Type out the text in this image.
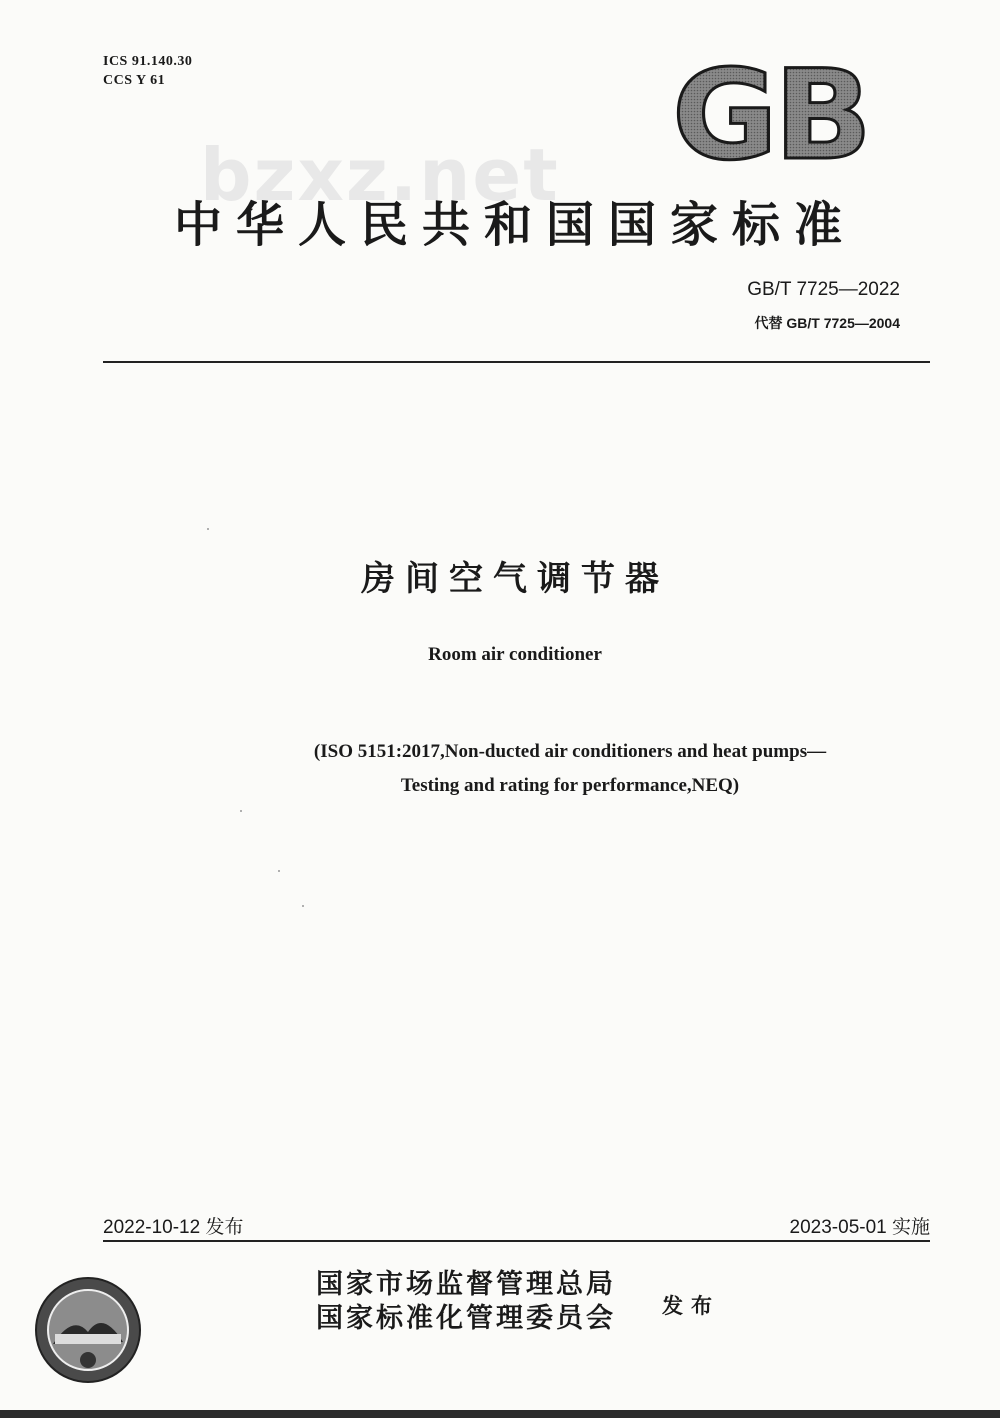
ICS 91.140.30
CCS Y 61	GB
bzxz.net
中华人民共和国国家标准
GB/T 7725—2022
代替 GB/T 7725—2004
房间空气调节器
Room air conditioner
(ISO 5151:2017,Non-ducted air conditioners and heat pumps—
Testing and rating for performance,NEQ)
2022-10-12 发布	2023-05-01 实施
国家市场监督管理总局
国家标准化管理委员会 发布
